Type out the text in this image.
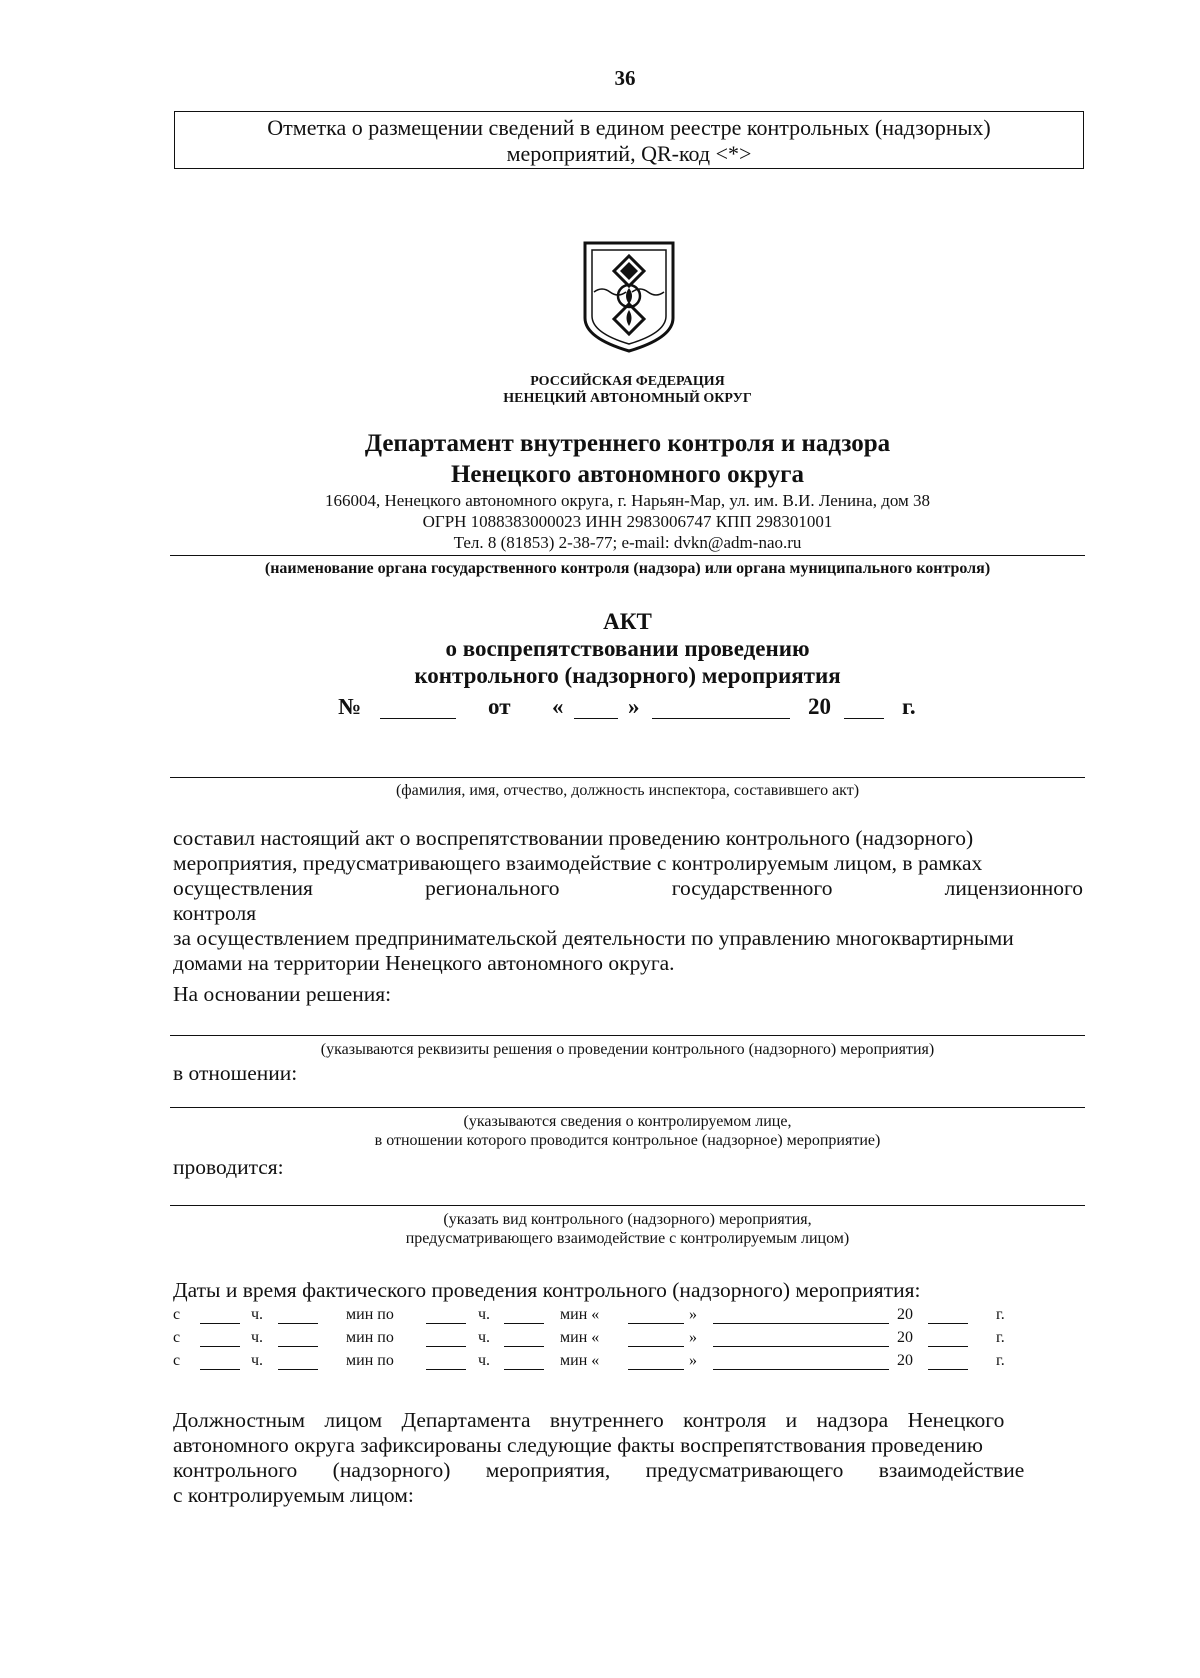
36
Отметка о размещении сведений в едином реестре контрольных (надзорных)
мероприятий, QR-код <*>
РОССИЙСКАЯ ФЕДЕРАЦИЯ
НЕНЕЦКИЙ АВТОНОМНЫЙ ОКРУГ
Департамент внутреннего контроля и надзора
Ненецкого автономного округа
166004, Ненецкого автономного округа, г. Нарьян-Мар, ул. им. В.И. Ленина, дом 38
ОГРН 1088383000023 ИНН 2983006747 КПП 298301001
Тел. 8 (81853) 2-38-77; e-mail: dvkn@adm-nao.ru
(наименование органа государственного контроля (надзора) или органа муниципального контроля)
АКТ
о воспрепятствовании проведению
контрольного (надзорного) мероприятия
№	от «	»	20	г.
(фамилия, имя, отчество, должность инспектора, составившего акт)
составил настоящий акт о воспрепятствовании проведению контрольного (надзорного)
мероприятия, предусматривающего взаимодействие с контролируемым лицом, в рамках
осуществления регионального государственного лицензионного контроля
за осуществлением предпринимательской деятельности по управлению многоквартирными
домами на территории Ненецкого автономного округа.
На основании решения:
(указываются реквизиты решения о проведении контрольного (надзорного) мероприятия)
в отношении:
(указываются сведения о контролируемом лице,
в отношении которого проводится контрольное (надзорное) мероприятие)
проводится:
(указать вид контрольного (надзорного) мероприятия,
предусматривающего взаимодействие с контролируемым лицом)
Даты и время фактического проведения контрольного (надзорного) мероприятия:
с	ч.	мин по	ч.	мин «	»	20	г.
с	ч.	мин по	ч.	мин «	»	20	г.
с	ч.	мин по	ч.	мин «	»	20	г.
Должностным лицом Департамента внутреннего контроля и надзора Ненецкого
автономного округа зафиксированы следующие факты воспрепятствования проведению
контрольного (надзорного) мероприятия, предусматривающего взаимодействие
с контролируемым лицом:
